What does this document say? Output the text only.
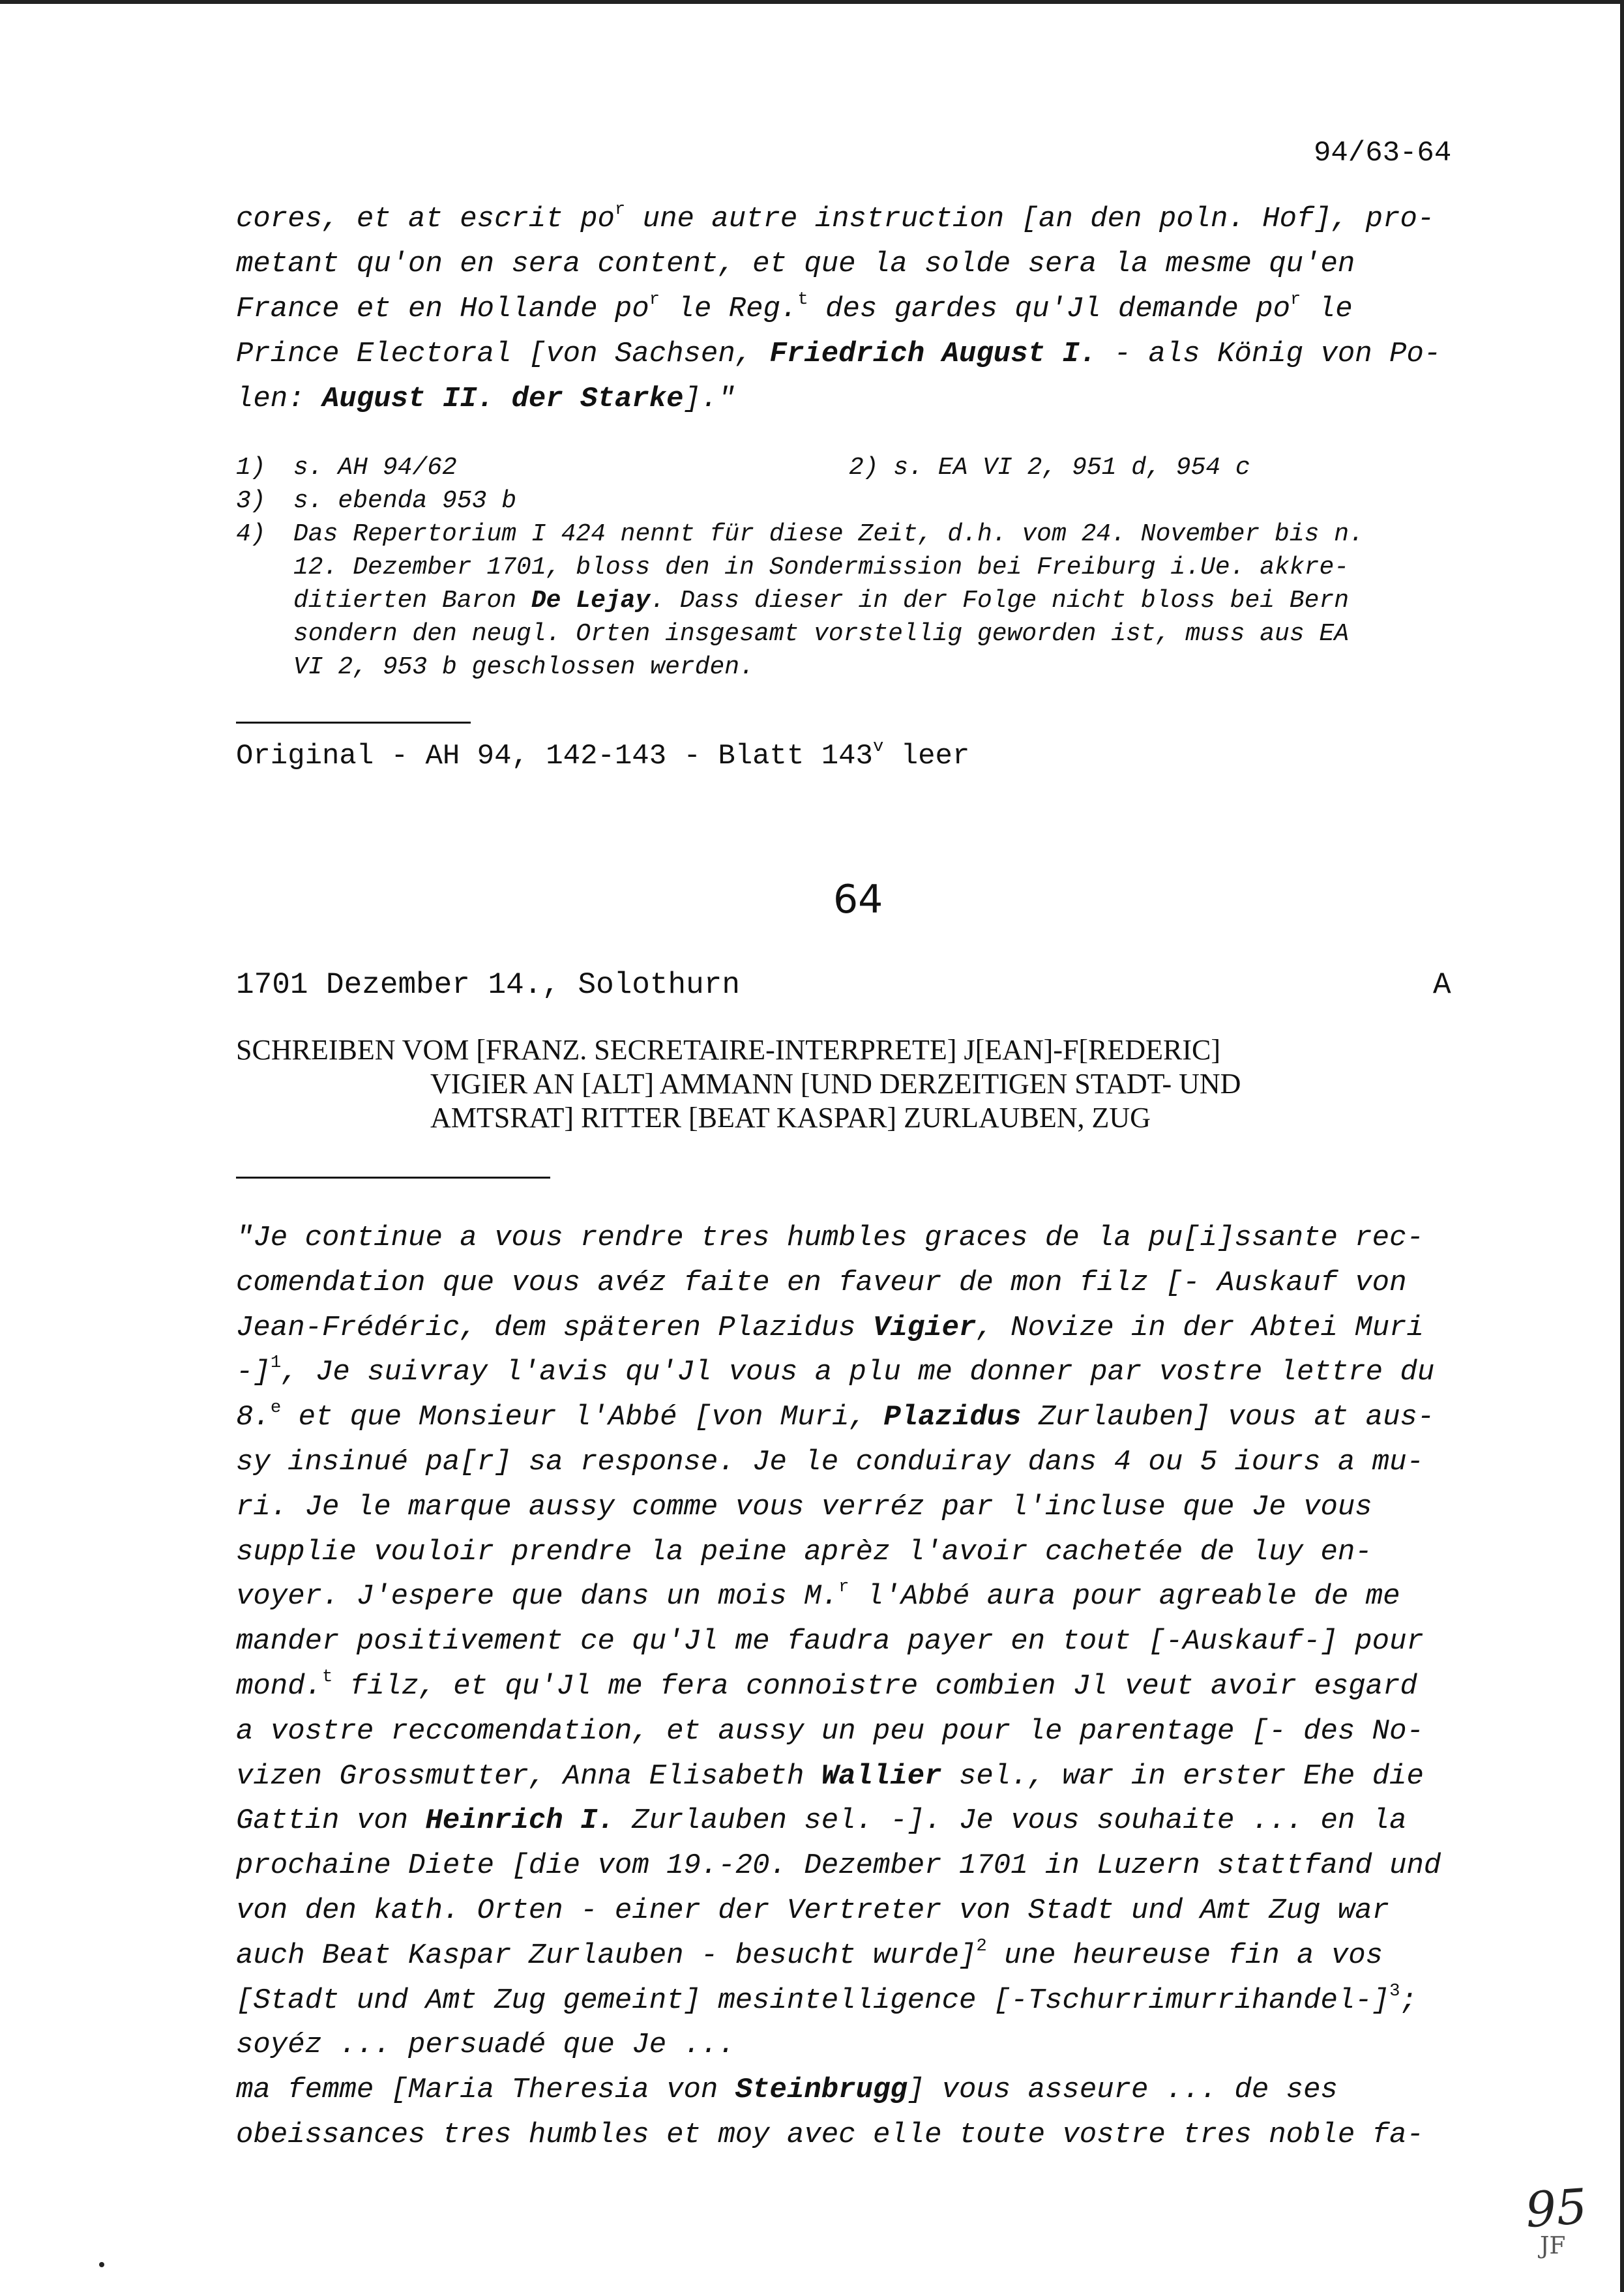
94/63-64
cores, et at escrit $po^r$ une autre instruction [an den poln. Hof], pro-
metant qu'on en sera content, et que la solde sera la mesme qu'en
France et en Hollande $po^r$ le Reg.$^t$ des gardes qu'Jl demande $po^r$ le
Prince Electoral [von Sachsen, Friedrich August I. - als König von Po-
len: August II. der Starke]."
1) s. AH 94/62	2) s. EA VI 2, 951 d, 954 c
3) s. ebenda 953 b
4) Das Repertorium I 424 nennt für diese Zeit, d.h. vom 24. November bis n.
12. Dezember 1701, bloss den in Sondermission bei Freiburg i.Ue. akkre-
ditierten Baron De Lejay. Dass dieser in der Folge nicht bloss bei Bern
sondern den neugl. Orten insgesamt vorstellig geworden ist, muss aus EA
VI 2, 953 b geschlossen werden.
Original - AH 94, 142-143 - Blatt 143$^v$ leer
64
1701 Dezember 14., Solothurn	A
SCHREIBEN VOM [FRANZ. SECRETAIRE-INTERPRETE] J[EAN]-F[REDERIC]
VIGIER AN [ALT] AMMANN [UND DERZEITIGEN STADT- UND
AMTSRAT] RITTER [BEAT KASPAR] ZURLAUBEN, ZUG
"Je continue a vous rendre tres humbles graces de la pu[i]ssante rec-
comendation que vous avéz faite en faveur de mon filz [- Auskauf von
Jean-Frédéric, dem späteren Plazidus Vigier, Novize in der Abtei Muri
-]$^1$, Je suivray l'avis qu'Jl vous a plu me donner par vostre lettre du
8.$^e$ et que Monsieur l'Abbé [von Muri, Plazidus Zurlauben] vous at aus-
sy insinué pa[r] sa response. Je le conduiray dans 4 ou 5 iours a mu-
ri. Je le marque aussy comme vous verréz par l'incluse que Je vous
supplie vouloir prendre la peine aprèz l'avoir cachetée de luy en-
voyer. J'espere que dans un mois M.$^r$ l'Abbé aura pour agreable de me
mander positivement ce qu'Jl me faudra payer en tout [-Auskauf-] pour
mond.$^t$ filz, et qu'Jl me fera connoistre combien Jl veut avoir esgard
a vostre reccomendation, et aussy un peu pour le parentage [- des No-
vizen Grossmutter, Anna Elisabeth Wallier sel., war in erster Ehe die
Gattin von Heinrich I. Zurlauben sel. -]. Je vous souhaite ... en la
prochaine Diete [die vom 19.-20. Dezember 1701 in Luzern stattfand und
von den kath. Orten - einer der Vertreter von Stadt und Amt Zug war
auch Beat Kaspar Zurlauben - besucht wurde]$^2$ une heureuse fin a vos
[Stadt und Amt Zug gemeint] mesintelligence [-Tschurrimurrihandel-]$^3$;
soyéz ... persuadé que Je ...
ma femme [Maria Theresia von Steinbrugg] vous asseure ... de ses
obeissances tres humbles et moy avec elle toute vostre tres noble fa-
95
JF
